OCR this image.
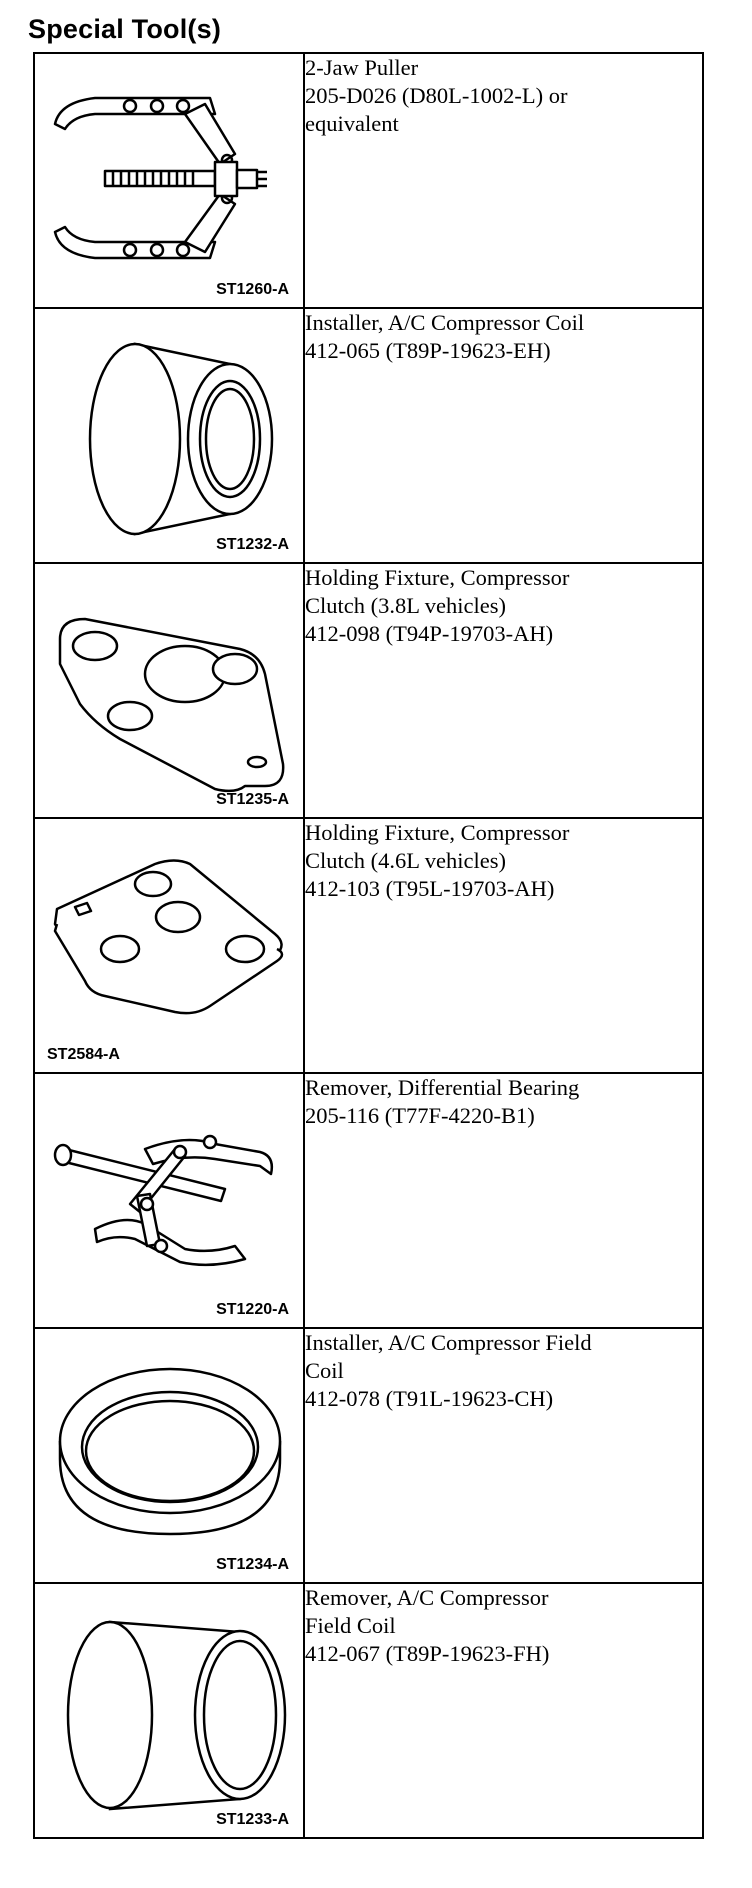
Special Tool(s)
ST1260-A	2-Jaw Puller
205-D026 (D80L-1002-L) or
equivalent

ST1232-A	Installer, A/C Compressor Coil
412-065 (T89P-19623-EH)

ST1235-A	Holding Fixture, Compressor
Clutch (3.8L vehicles)
412-098 (T94P-19703-AH)

ST2584-A	Holding Fixture, Compressor
Clutch (4.6L vehicles)
412-103 (T95L-19703-AH)

ST1220-A	Remover, Differential Bearing
205-116 (T77F-4220-B1)

ST1234-A	Installer, A/C Compressor Field
Coil
412-078 (T91L-19623-CH)

ST1233-A	Remover, A/C Compressor
Field Coil
412-067 (T89P-19623-FH)
